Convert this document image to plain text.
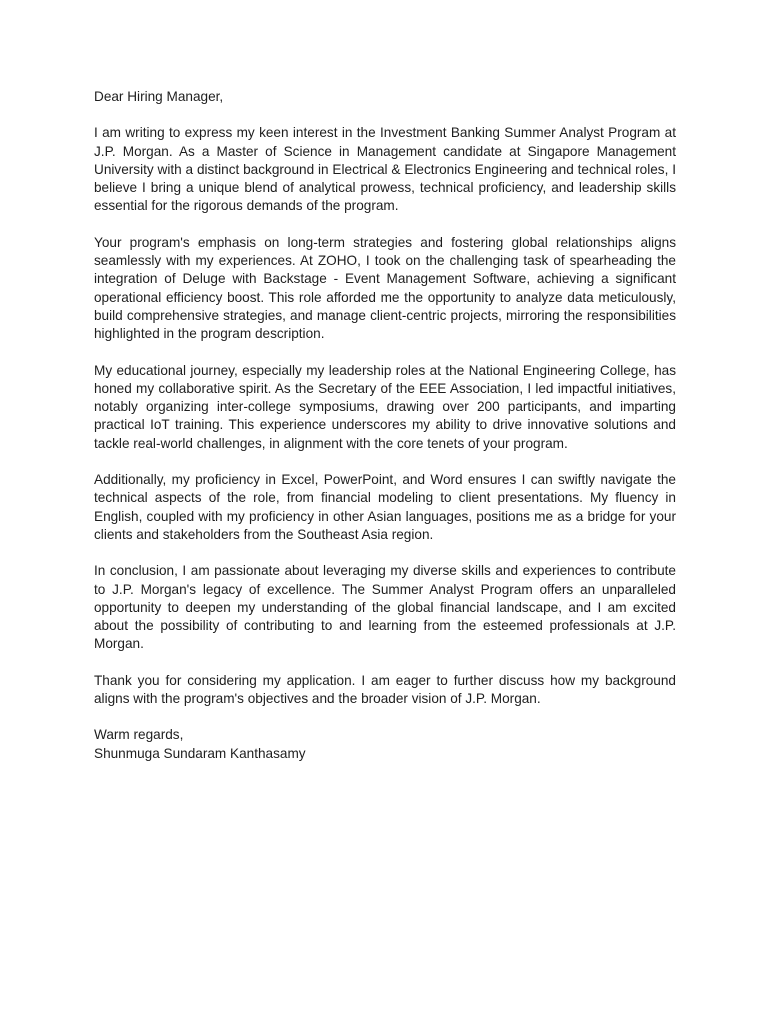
Dear Hiring Manager,

I am writing to express my keen interest in the Investment Banking Summer Analyst Program at J.P. Morgan. As a Master of Science in Management candidate at Singapore Management University with a distinct background in Electrical & Electronics Engineering and technical roles, I believe I bring a unique blend of analytical prowess, technical proficiency, and leadership skills essential for the rigorous demands of the program.

Your program's emphasis on long-term strategies and fostering global relationships aligns seamlessly with my experiences. At ZOHO, I took on the challenging task of spearheading the integration of Deluge with Backstage - Event Management Software, achieving a significant operational efficiency boost. This role afforded me the opportunity to analyze data meticulously, build comprehensive strategies, and manage client-centric projects, mirroring the responsibilities highlighted in the program description.

My educational journey, especially my leadership roles at the National Engineering College, has honed my collaborative spirit. As the Secretary of the EEE Association, I led impactful initiatives, notably organizing inter-college symposiums, drawing over 200 participants, and imparting practical IoT training. This experience underscores my ability to drive innovative solutions and tackle real-world challenges, in alignment with the core tenets of your program.

Additionally, my proficiency in Excel, PowerPoint, and Word ensures I can swiftly navigate the technical aspects of the role, from financial modeling to client presentations. My fluency in English, coupled with my proficiency in other Asian languages, positions me as a bridge for your clients and stakeholders from the Southeast Asia region.

In conclusion, I am passionate about leveraging my diverse skills and experiences to contribute to J.P. Morgan's legacy of excellence. The Summer Analyst Program offers an unparalleled opportunity to deepen my understanding of the global financial landscape, and I am excited about the possibility of contributing to and learning from the esteemed professionals at J.P. Morgan.

Thank you for considering my application. I am eager to further discuss how my background aligns with the program's objectives and the broader vision of J.P. Morgan.

Warm regards,

Shunmuga Sundaram Kanthasamy
